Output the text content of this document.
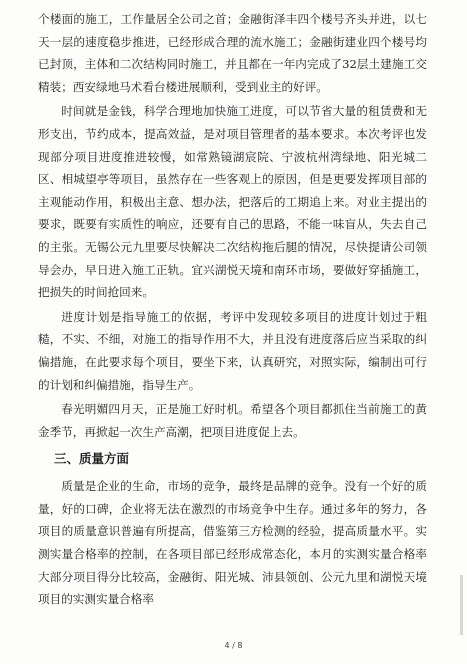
个楼面的施工，工作量居全公司之首；金融街泽丰四个楼号齐头并进，以七天一层的速度稳步推进，已经形成合理的流水施工；金融街建业四个楼号均已封顶，主体和二次结构同时施工，并且都在一年内完成了32层土建施工交精装；西安绿地马术看台楼进展顺利，受到业主的好评。

时间就是金钱，科学合理地加快施工进度，可以节省大量的租赁费和无形支出，节约成本，提高效益，是对项目管理者的基本要求。本次考评也发现部分项目进度推进较慢，如常熟镜湖宸院、宁波杭州湾绿地、阳光城二区、相城望亭等项目，虽然存在一些客观上的原因，但是更要发挥项目部的主观能动作用，积极出主意、想办法，把落后的工期追上来。对业主提出的要求，既要有实质性的响应，还要有自己的思路，不能一味盲从，失去自己的主张。无锡公元九里要尽快解决二次结构拖后腿的情况，尽快提请公司领导会办，早日进入施工正轨。宜兴湖悦天境和南环市场，要做好穿插施工，把损失的时间抢回来。

进度计划是指导施工的依据，考评中发现较多项目的进度计划过于粗糙，不实、不细，对施工的指导作用不大，并且没有进度落后应当采取的纠偏措施，在此要求每个项目，要坐下来，认真研究，对照实际，编制出可行的计划和纠偏措施，指导生产。

春光明媚四月天，正是施工好时机。希望各个项目都抓住当前施工的黄金季节，再掀起一次生产高潮，把项目进度促上去。

三、质量方面

质量是企业的生命，市场的竞争，最终是品牌的竞争。没有一个好的质量，好的口碑，企业将无法在激烈的市场竞争中生存。通过多年的努力，各项目的质量意识普遍有所提高，借鉴第三方检测的经验，提高质量水平。实测实量合格率的控制，在各项目部已经形成常态化，本月的实测实量合格率大部分项目得分比较高，金融街、阳光城、沛县领创、公元九里和湖悦天境项目的实测实量合格率

4 / 8
